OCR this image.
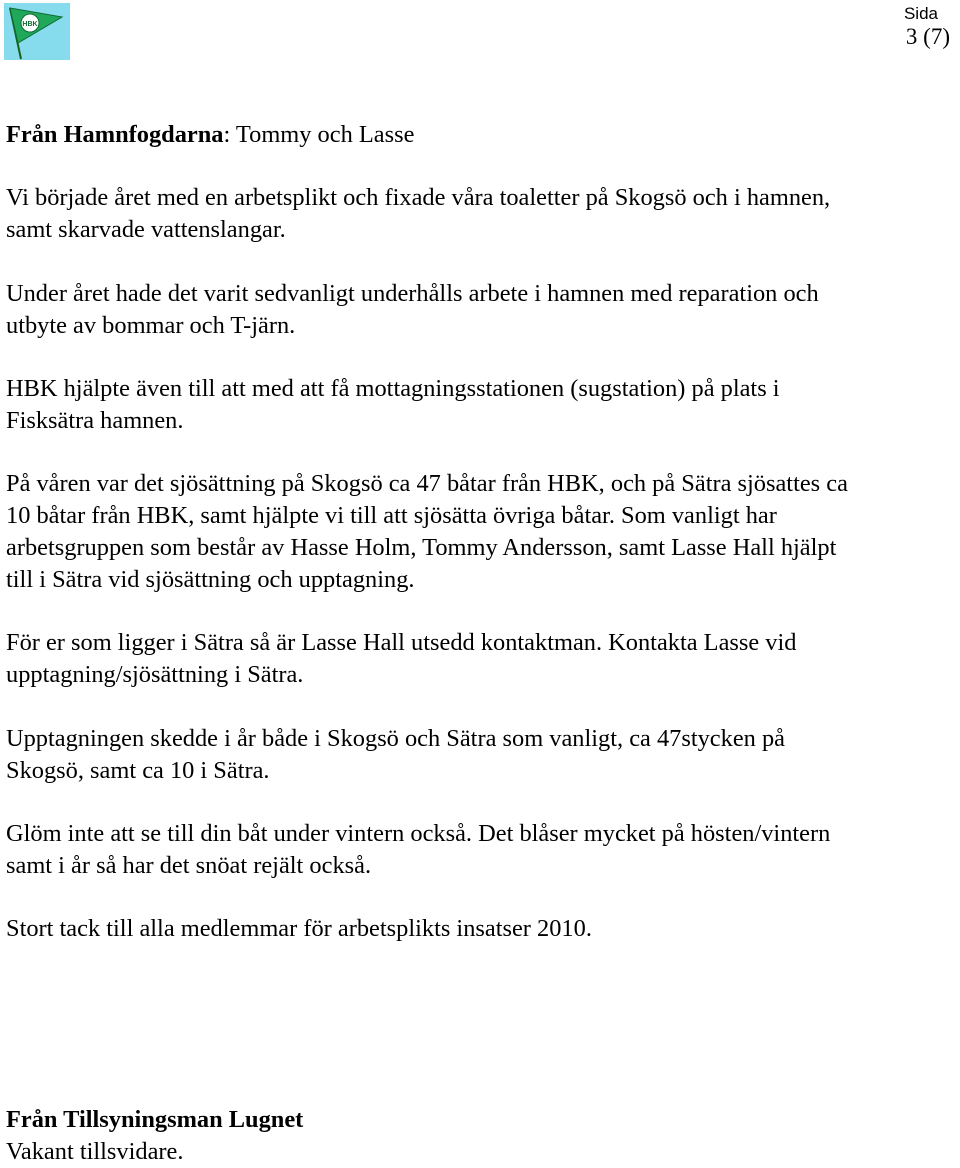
HBK
Sida
3 (7)
Från Hamnfogdarna: Tommy och Lasse
Vi började året med en arbetsplikt och fixade våra toaletter på Skogsö och i hamnen,
samt skarvade vattenslangar.
Under året hade det varit sedvanligt underhålls arbete i hamnen med reparation och
utbyte av bommar och T-järn.
HBK hjälpte även till att med att få mottagningsstationen (sugstation) på plats i
Fisksätra hamnen.
På våren var det sjösättning på Skogsö ca 47 båtar från HBK, och på Sätra sjösattes ca
10 båtar från HBK, samt hjälpte vi till att sjösätta övriga båtar. Som vanligt har
arbetsgruppen som består av Hasse Holm, Tommy Andersson, samt Lasse Hall hjälpt
till i Sätra vid sjösättning och upptagning.
För er som ligger i Sätra så är Lasse Hall utsedd kontaktman. Kontakta Lasse vid
upptagning/sjösättning i Sätra.
Upptagningen skedde i år både i Skogsö och Sätra som vanligt, ca 47stycken på
Skogsö, samt ca 10 i Sätra.
Glöm inte att se till din båt under vintern också. Det blåser mycket på hösten/vintern
samt i år så har det snöat rejält också.
Stort tack till alla medlemmar för arbetsplikts insatser 2010.
Från Tillsyningsman Lugnet
Vakant tillsvidare.
